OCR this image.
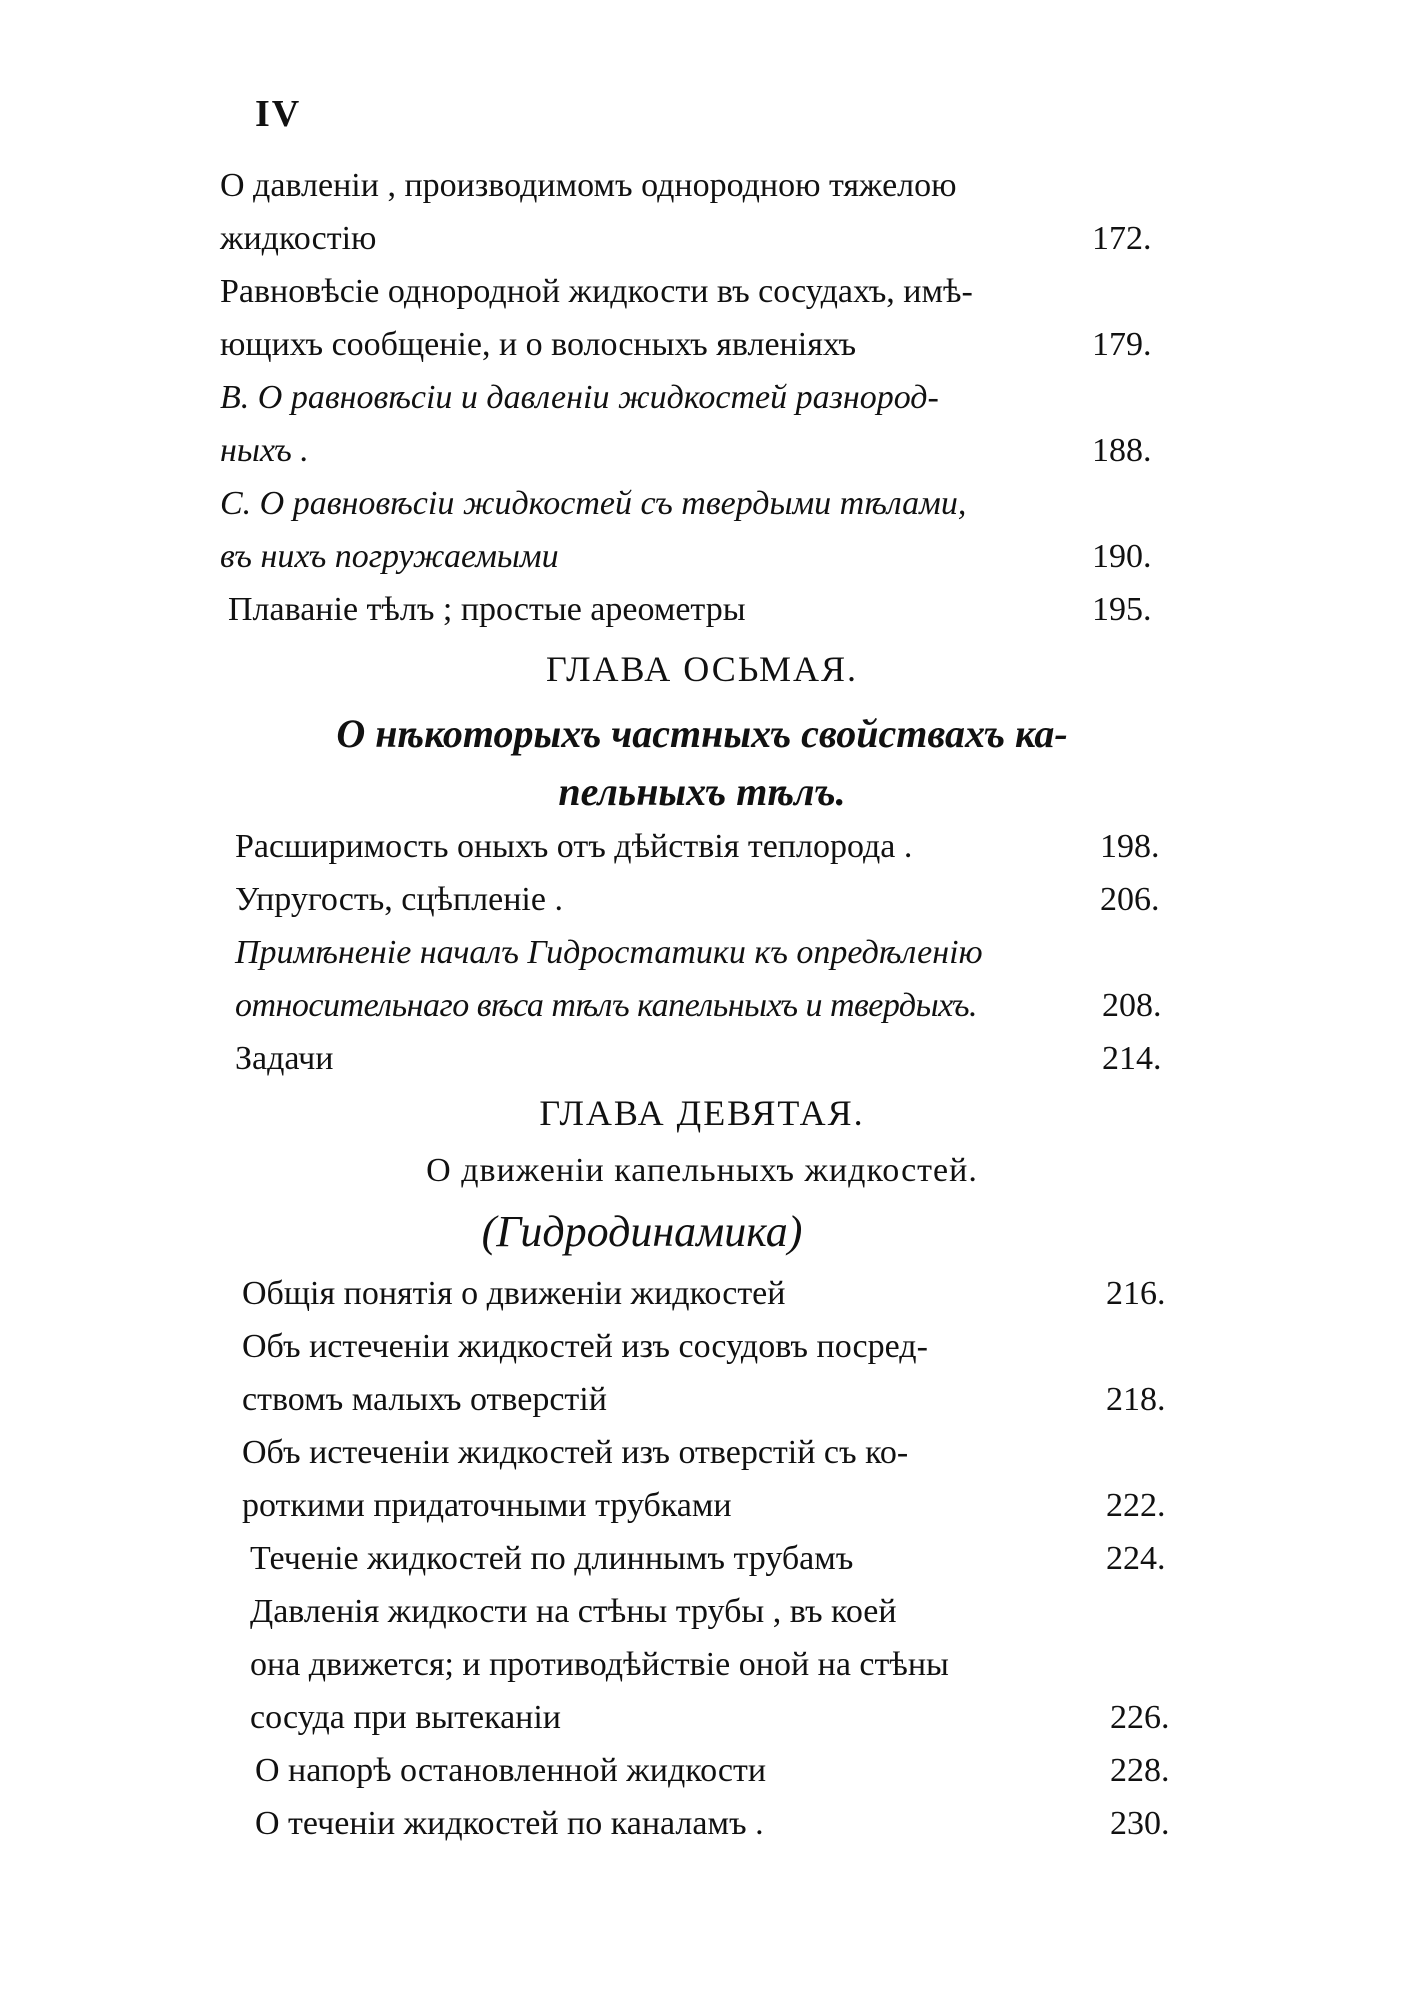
IV
О давленіи , производимомъ однородною тяжелою
жидкостію	172.
Равновѣсіе однородной жидкости въ сосудахъ, имѣ-
ющихъ сообщеніе, и о волосныхъ явленіяхъ	179.
В. О равновѣсіи и давленіи жидкостей разнород-
ныхъ .	188.
С. О равновѣсіи жидкостей съ твердыми тѣлами,
въ нихъ погружаемыми	190.
Плаваніе тѣлъ ; простые ареометры	195.
ГЛАВА ОСЬМАЯ.
О нѣкоторыхъ частныхъ свойствахъ ка-
пельныхъ тѣлъ.
Расширимость оныхъ отъ дѣйствія теплорода .	198.
Упругость, сцѣпленіе .	206.
Примѣненіе началъ Гидростатики къ опредѣленію
относительнаго вѣса тѣлъ капельныхъ и твердыхъ.	208.
Задачи	214.
ГЛАВА ДЕВЯТАЯ.
О движеніи капельныхъ жидкостей.
(Гидродинамика)
Общія понятія о движеніи жидкостей	216.
Объ истеченіи жидкостей изъ сосудовъ посред-
ствомъ малыхъ отверстій	218.
Объ истеченіи жидкостей изъ отверстій съ ко-
роткими придаточными трубками	222.
Теченіе жидкостей по длиннымъ трубамъ	224.
Давленія жидкости на стѣны трубы , въ коей
она движется; и противодѣйствіе оной на стѣны
сосуда при вытеканіи	226.
О напорѣ остановленной жидкости	228.
О теченіи жидкостей по каналамъ .	230.
